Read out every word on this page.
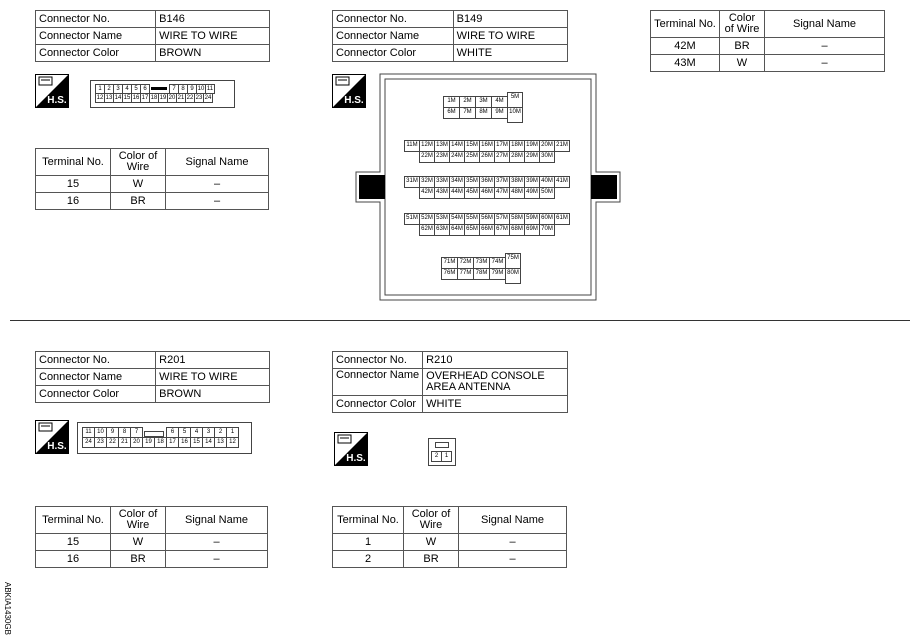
Connector No.	B146
Connector Name	WIRE TO WIRE
Connector Color	BROWN
H.S.
1 2 3 4 5 6	7 8 9 10 11
12 13 14 15 16 17 18 19 20 21 22 23 24
Terminal No.	Color of Wire	Signal Name
15	W	–
16	BR	–
Connector No.	B149
Connector Name	WIRE TO WIRE
Connector Color	WHITE
H.S.	1M	2M	3M	4M
5M
6M	7M	8M	9M 10M
11M 12M 13M 14M 15M 16M 17M 18M 19M 20M 21M
22M 23M 24M 25M 26M 27M 28M 29M 30M
31M 32M 33M 34M 35M 36M 37M 38M 39M 40M 41M
42M 43M 44M 45M 46M 47M 48M 49M 50M
51M 52M 53M 54M 55M 56M 57M 58M 59M 60M 61M
62M 63M 64M 65M 66M 67M 68M 69M 70M
71M 72M 73M 74M
75M
76M 77M 78M 79M 80M
Terminal No.	Color of Wire	Signal Name
42M	BR	–
43M	W	–
Connector No.	R201
Connector Name	WIRE TO WIRE
Connector Color	BROWN
H.S.
11 10	9	8	7	6	5	4	3	2	1
24 23 22 21 20 19 18 17 16 15 14 13 12
Terminal No.	Color of Wire	Signal Name
15	W	–
16	BR	–
Connector No.	R210
Connector Name	OVERHEAD CONSOLE AREA ANTENNA
Connector Color	WHITE
H.S.	2	1
Terminal No.	Color of Wire	Signal Name
1	W	–
2	BR	–
ABKIA1430GB
